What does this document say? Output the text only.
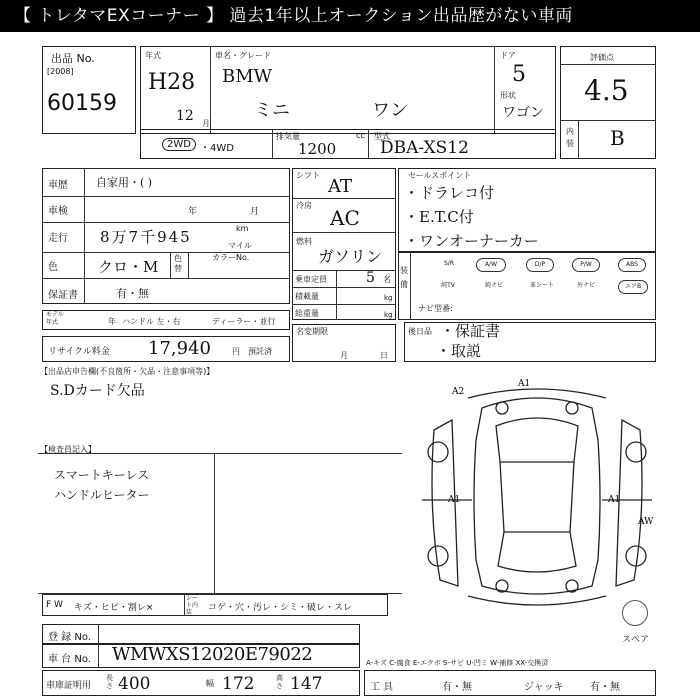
【 トレタマEXコーナー 】 過去1年以上オークション出品歴がない車両
出品 No.
[2008]
60159
年式
H28
12 月
車名・グレード
BMW
ミニ	ワン
ドア
5
形状
ワゴン
2WD ・4WD
排気量	cc
1200
型式
DBA-XS12
評価点
4.5
内装 B
車歴	自家用・( )
車検	年	月
走行 8万7千945	km
マイル
色	クロ・M 色替
カラーNo.
保証書	有・無
シフト
AT
冷房
AC
燃料
ガソリン
乗車定員	5 名
積載量	kg
総重量	kg
セールスポイント
・ドラレコ付
・E.T.C付
・ワンオーナーカー
装備
S/R	A/W	D/P	P/W	ABS
純TV	純ナビ	革シート	外ナビ	エアB
ナビ型番:
モデル年式	年 ハンドル 左・右	ディーラー・並行
リサイクル料金 17,940	円 預託済
名変期限
月	日
後日品 ・保証書
・取説
【出品店申告欄(不良箇所・欠品・注意事項等)】
S.Dカード欠品
【検査員記入】
スマートキーレス
ハンドルヒーター
A2
A1
A1	A1
AW
スペア
F W キズ・ヒビ・割レ×
シート内装	コゲ・穴・汚レ・シミ・破レ・スレ
登 録 No.
車 台 No. WMWXS12020E79022	A-キズ C-腐食 E-エクボ S-サビ U-凹ミ W-補修 XX-交換済
車庫証明用
長さ 400	幅 172	高さ 147	工 具	有・無	ジャッキ	有・無
